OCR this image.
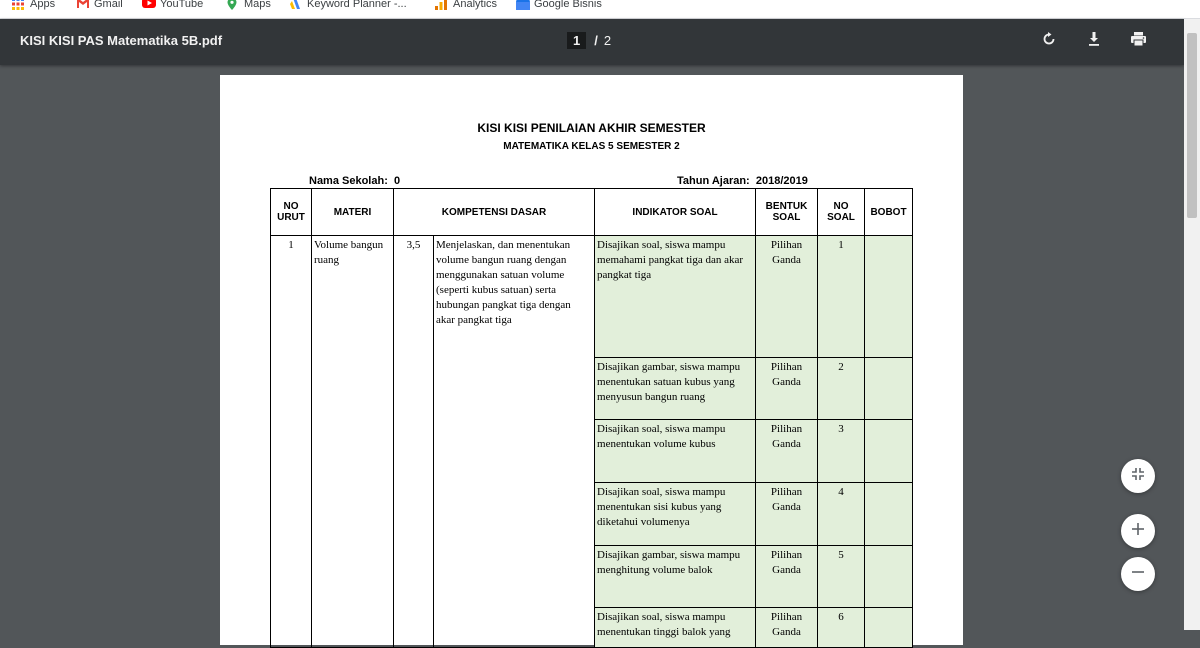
Apps	Gmail	YouTube	Maps	Keyword Planner -...	Analytics	Google Bisnis
KISI KISI PAS Matematika 5B.pdf	1	/ 2
KISI KISI PENILAIAN AKHIR SEMESTER
MATEMATIKA KELAS 5 SEMESTER 2
Nama Sekolah: 0	Tahun Ajaran: 2018/2019
NO URUT	MATERI	KOMPETENSI DASAR		INDIKATOR SOAL	BENTUK SOAL	NO SOAL	BOBOT
1	Volume bangun ruang	3,5	Menjelaskan, dan menentukan volume bangun ruang dengan menggunakan satuan volume (seperti kubus satuan) serta hubungan pangkat tiga dengan akar pangkat tiga	Disajikan soal, siswa mampu memahami pangkat tiga dan akar pangkat tiga	Pilihan Ganda	1	
				Disajikan gambar, siswa mampu menentukan satuan kubus yang menyusun bangun ruang	Pilihan Ganda	2	
				Disajikan soal, siswa mampu menentukan volume kubus	Pilihan Ganda	3	
				Disajikan soal, siswa mampu menentukan sisi kubus yang diketahui volumenya	Pilihan Ganda	4	
				Disajikan gambar, siswa mampu menghitung volume balok	Pilihan Ganda	5	
				Disajikan soal, siswa mampu menentukan tinggi balok yang	Pilihan Ganda	6	
